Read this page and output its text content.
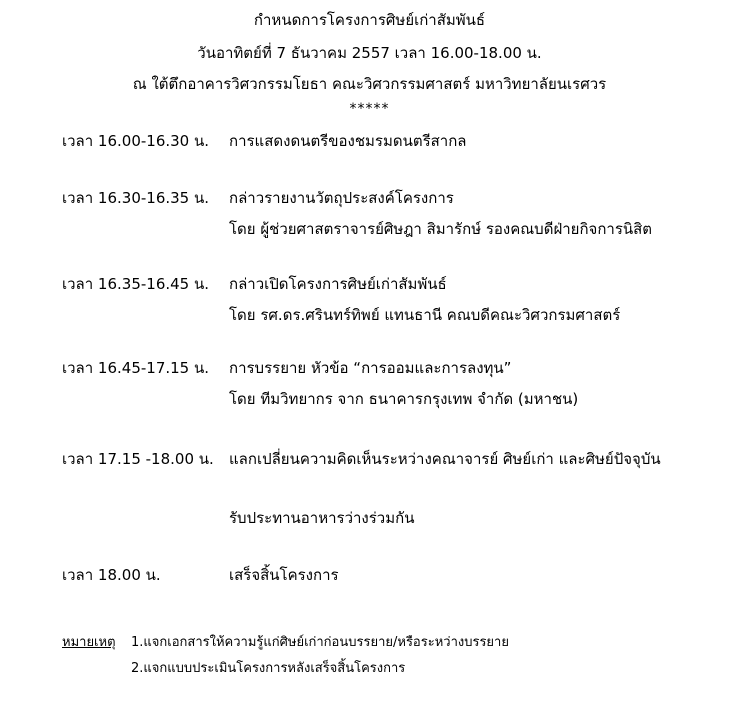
กำหนดการโครงการศิษย์เก่าสัมพันธ์
วันอาทิตย์ที่ 7 ธันวาคม 2557 เวลา 16.00-18.00 น.
ณ ใต้ตึกอาคารวิศวกรรมโยธา คณะวิศวกรรมศาสตร์ มหาวิทยาลัยนเรศวร
*****
เวลา 16.00-16.30 น. การแสดงดนตรีของชมรมดนตรีสากล
เวลา 16.30-16.35 น. กล่าวรายงานวัตถุประสงค์โครงการ
โดย ผู้ช่วยศาสตราจารย์ศิษฎา สิมารักษ์ รองคณบดีฝ่ายกิจการนิสิต
เวลา 16.35-16.45 น. กล่าวเปิดโครงการศิษย์เก่าสัมพันธ์
โดย รศ.ดร.ศรินทร์ทิพย์ แทนธานี คณบดีคณะวิศวกรมศาสตร์
เวลา 16.45-17.15 น. การบรรยาย หัวข้อ “การออมและการลงทุน”
โดย ทีมวิทยากร จาก ธนาคารกรุงเทพ จำกัด (มหาชน)
เวลา 17.15 -18.00 น. แลกเปลี่ยนความคิดเห็นระหว่างคณาจารย์ ศิษย์เก่า และศิษย์ปัจจุบัน
รับประทานอาหารว่างร่วมกัน
เวลา 18.00 น.	เสร็จสิ้นโครงการ
หมายเหตุ 1.แจกเอกสารให้ความรู้แก่ศิษย์เก่าก่อนบรรยาย/หรือระหว่างบรรยาย
2.แจกแบบประเมินโครงการหลังเสร็จสิ้นโครงการ
